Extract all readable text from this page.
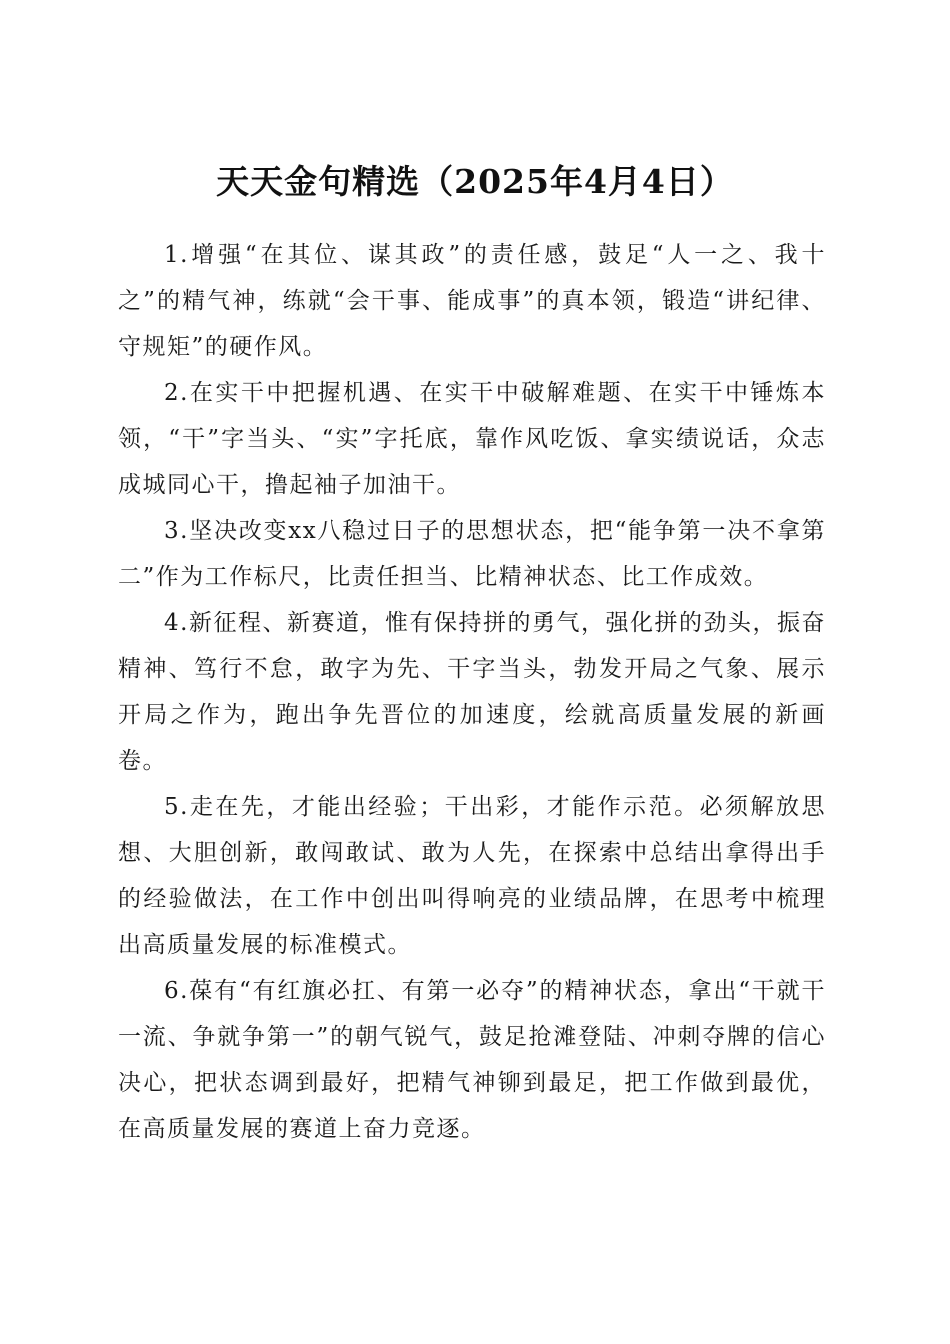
天天金句精选（2025年4月4日）

1.增强“在其位、谋其政”的责任感，鼓足“人一之、我十之”的精气神，练就“会干事、能成事”的真本领，锻造“讲纪律、守规矩”的硬作风。

2.在实干中把握机遇、在实干中破解难题、在实干中锤炼本领，“干”字当头、“实”字托底，靠作风吃饭、拿实绩说话，众志成城同心干，撸起袖子加油干。

3.坚决改变xx八稳过日子的思想状态，把“能争第一决不拿第二”作为工作标尺，比责任担当、比精神状态、比工作成效。

4.新征程、新赛道，惟有保持拼的勇气，强化拼的劲头，振奋精神、笃行不怠，敢字为先、干字当头，勃发开局之气象、展示开局之作为，跑出争先晋位的加速度，绘就高质量发展的新画卷。

5.走在先，才能出经验；干出彩，才能作示范。必须解放思想、大胆创新，敢闯敢试、敢为人先，在探索中总结出拿得出手的经验做法，在工作中创出叫得响亮的业绩品牌，在思考中梳理出高质量发展的标准模式。

6.葆有“有红旗必扛、有第一必夺”的精神状态，拿出“干就干一流、争就争第一”的朝气锐气，鼓足抢滩登陆、冲刺夺牌的信心决心，把状态调到最好，把精气神铆到最足，把工作做到最优，在高质量发展的赛道上奋力竞逐。
